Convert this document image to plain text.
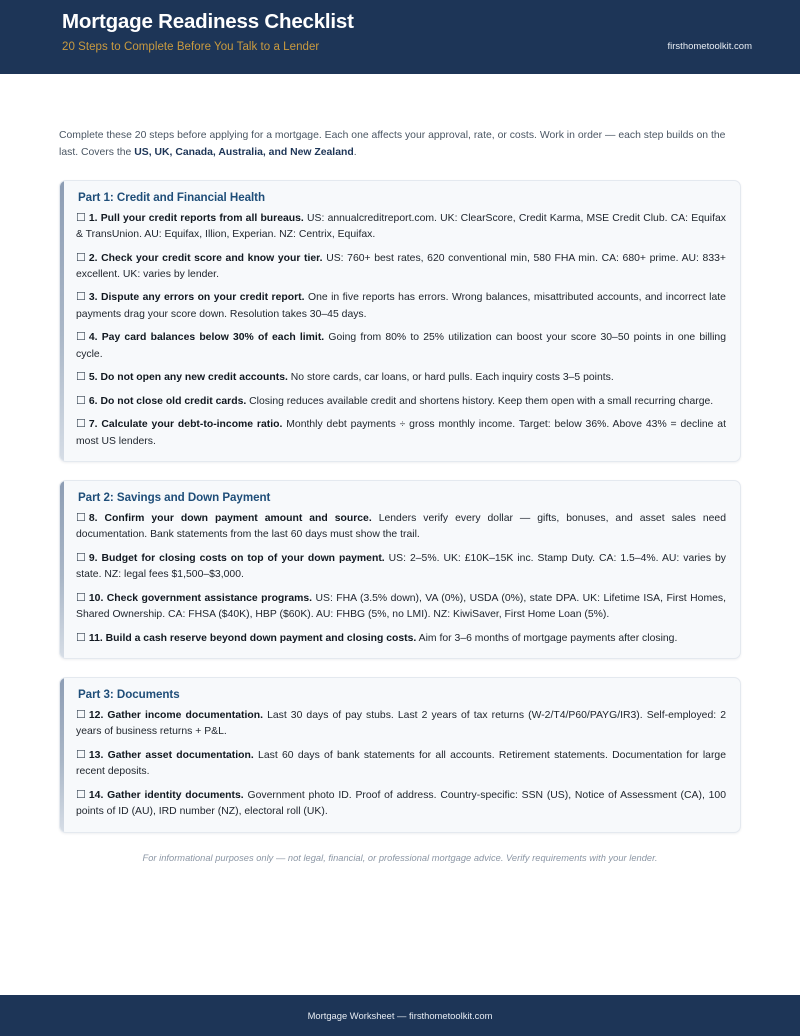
Mortgage Readiness Checklist
20 Steps to Complete Before You Talk to a Lender	firsthometoolkit.com
Complete these 20 steps before applying for a mortgage. Each one affects your approval, rate, or costs. Work in order — each step builds on the last. Covers the US, UK, Canada, Australia, and New Zealand.
Part 1: Credit and Financial Health
☐ 1. Pull your credit reports from all bureaus. US: annualcreditreport.com. UK: ClearScore, Credit Karma, MSE Credit Club. CA: Equifax & TransUnion. AU: Equifax, Illion, Experian. NZ: Centrix, Equifax.
☐ 2. Check your credit score and know your tier. US: 760+ best rates, 620 conventional min, 580 FHA min. CA: 680+ prime. AU: 833+ excellent. UK: varies by lender.
☐ 3. Dispute any errors on your credit report. One in five reports has errors. Wrong balances, misattributed accounts, and incorrect late payments drag your score down. Resolution takes 30–45 days.
☐ 4. Pay card balances below 30% of each limit. Going from 80% to 25% utilization can boost your score 30–50 points in one billing cycle.
☐ 5. Do not open any new credit accounts. No store cards, car loans, or hard pulls. Each inquiry costs 3–5 points.
☐ 6. Do not close old credit cards. Closing reduces available credit and shortens history. Keep them open with a small recurring charge.
☐ 7. Calculate your debt-to-income ratio. Monthly debt payments ÷ gross monthly income. Target: below 36%. Above 43% = decline at most US lenders.
Part 2: Savings and Down Payment
☐ 8. Confirm your down payment amount and source. Lenders verify every dollar — gifts, bonuses, and asset sales need documentation. Bank statements from the last 60 days must show the trail.
☐ 9. Budget for closing costs on top of your down payment. US: 2–5%. UK: £10K–15K inc. Stamp Duty. CA: 1.5–4%. AU: varies by state. NZ: legal fees $1,500–$3,000.
☐ 10. Check government assistance programs. US: FHA (3.5% down), VA (0%), USDA (0%), state DPA. UK: Lifetime ISA, First Homes, Shared Ownership. CA: FHSA ($40K), HBP ($60K). AU: FHBG (5%, no LMI). NZ: KiwiSaver, First Home Loan (5%).
☐ 11. Build a cash reserve beyond down payment and closing costs. Aim for 3–6 months of mortgage payments after closing.
Part 3: Documents
☐ 12. Gather income documentation. Last 30 days of pay stubs. Last 2 years of tax returns (W-2/T4/P60/PAYG/IR3). Self-employed: 2 years of business returns + P&L.
☐ 13. Gather asset documentation. Last 60 days of bank statements for all accounts. Retirement statements. Documentation for large recent deposits.
☐ 14. Gather identity documents. Government photo ID. Proof of address. Country-specific: SSN (US), Notice of Assessment (CA), 100 points of ID (AU), IRD number (NZ), electoral roll (UK).
For informational purposes only — not legal, financial, or professional mortgage advice. Verify requirements with your lender.
Mortgage Worksheet — firsthometoolkit.com
